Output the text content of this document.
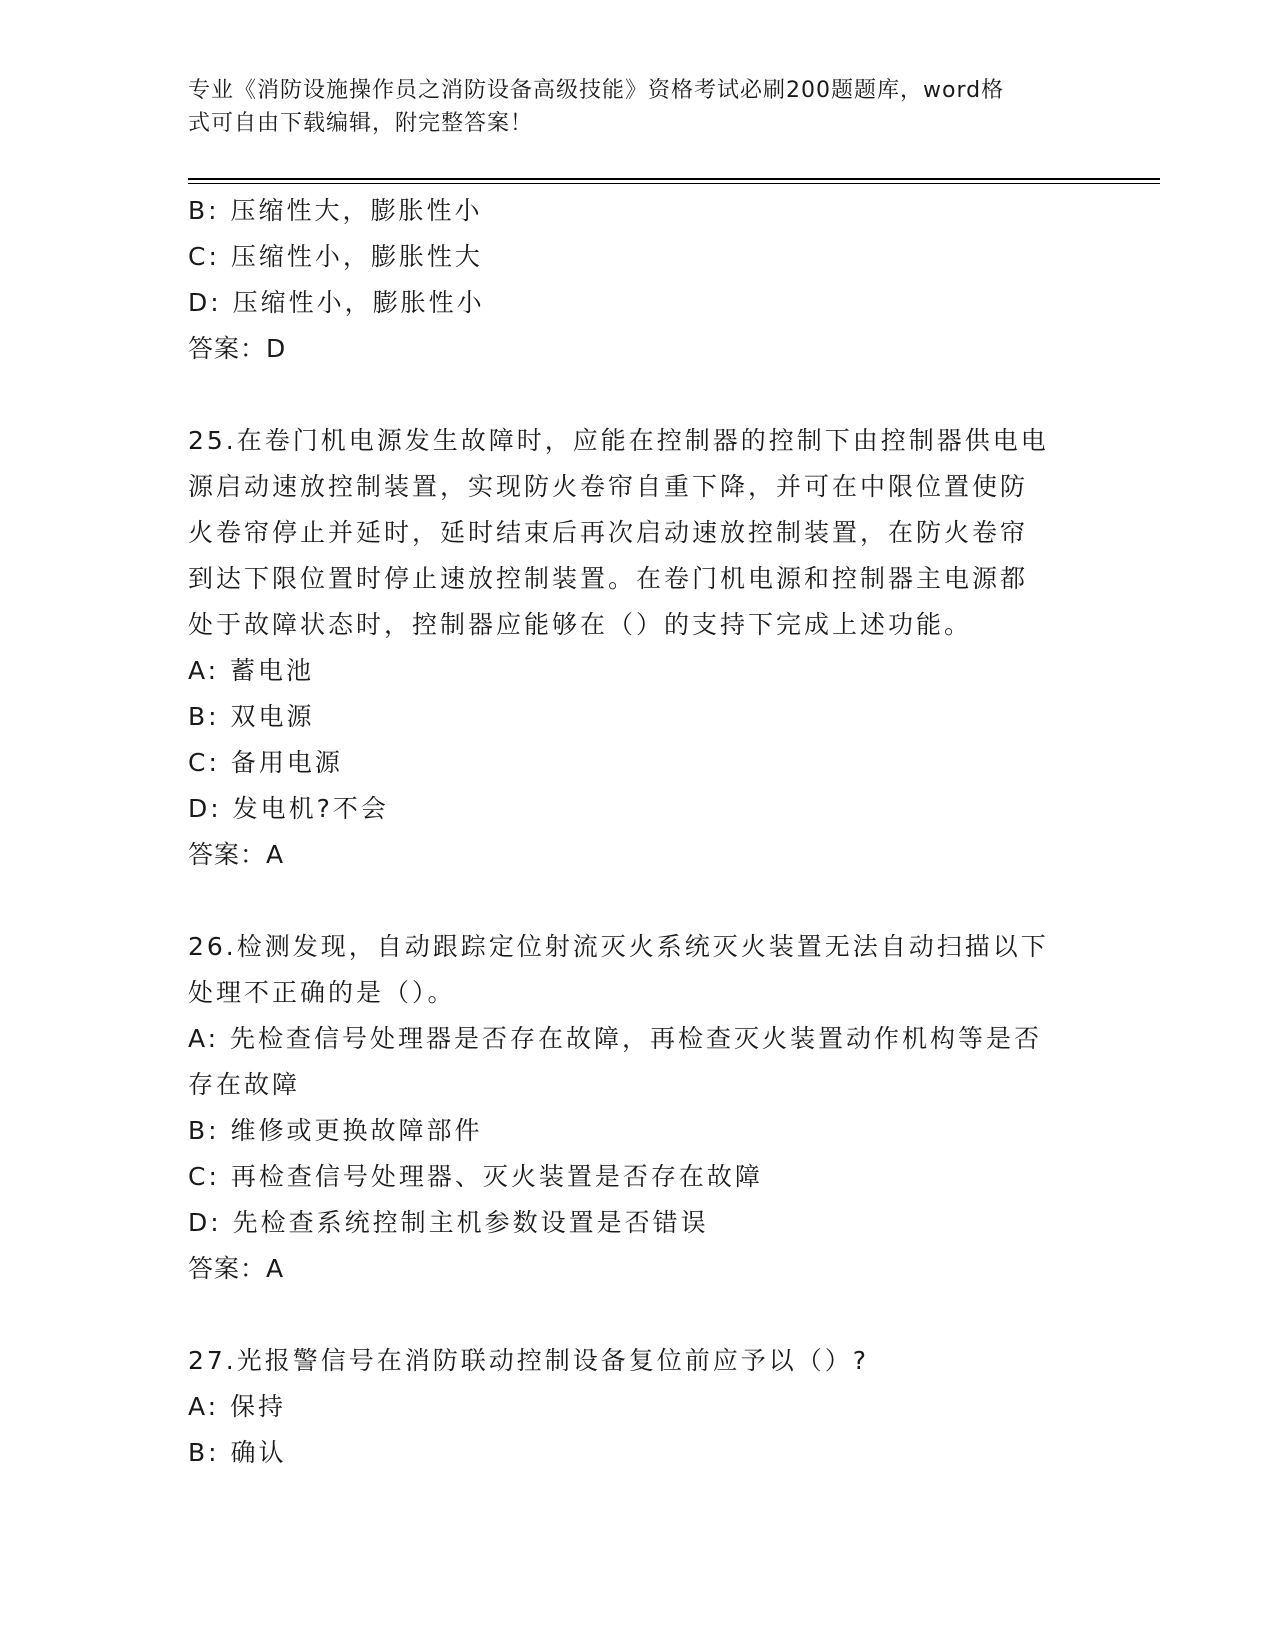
专业《消防设施操作员之消防设备高级技能》资格考试必刷200题题库，word格
式可自由下载编辑，附完整答案！
B: 压缩性大，膨胀性小
C: 压缩性小，膨胀性大
D: 压缩性小，膨胀性小
答案：D
25.在卷门机电源发生故障时，应能在控制器的控制下由控制器供电电
源启动速放控制装置，实现防火卷帘自重下降，并可在中限位置使防
火卷帘停止并延时，延时结束后再次启动速放控制装置，在防火卷帘
到达下限位置时停止速放控制装置。在卷门机电源和控制器主电源都
处于故障状态时，控制器应能够在（）的支持下完成上述功能。
A: 蓄电池
B: 双电源
C: 备用电源
D: 发电机?不会
答案：A
26.检测发现，自动跟踪定位射流灭火系统灭火装置无法自动扫描以下
处理不正确的是（）。
A: 先检查信号处理器是否存在故障，再检查灭火装置动作机构等是否
存在故障
B: 维修或更换故障部件
C: 再检查信号处理器、灭火装置是否存在故障
D: 先检查系统控制主机参数设置是否错误
答案：A
27.光报警信号在消防联动控制设备复位前应予以（）?
A: 保持
B: 确认
